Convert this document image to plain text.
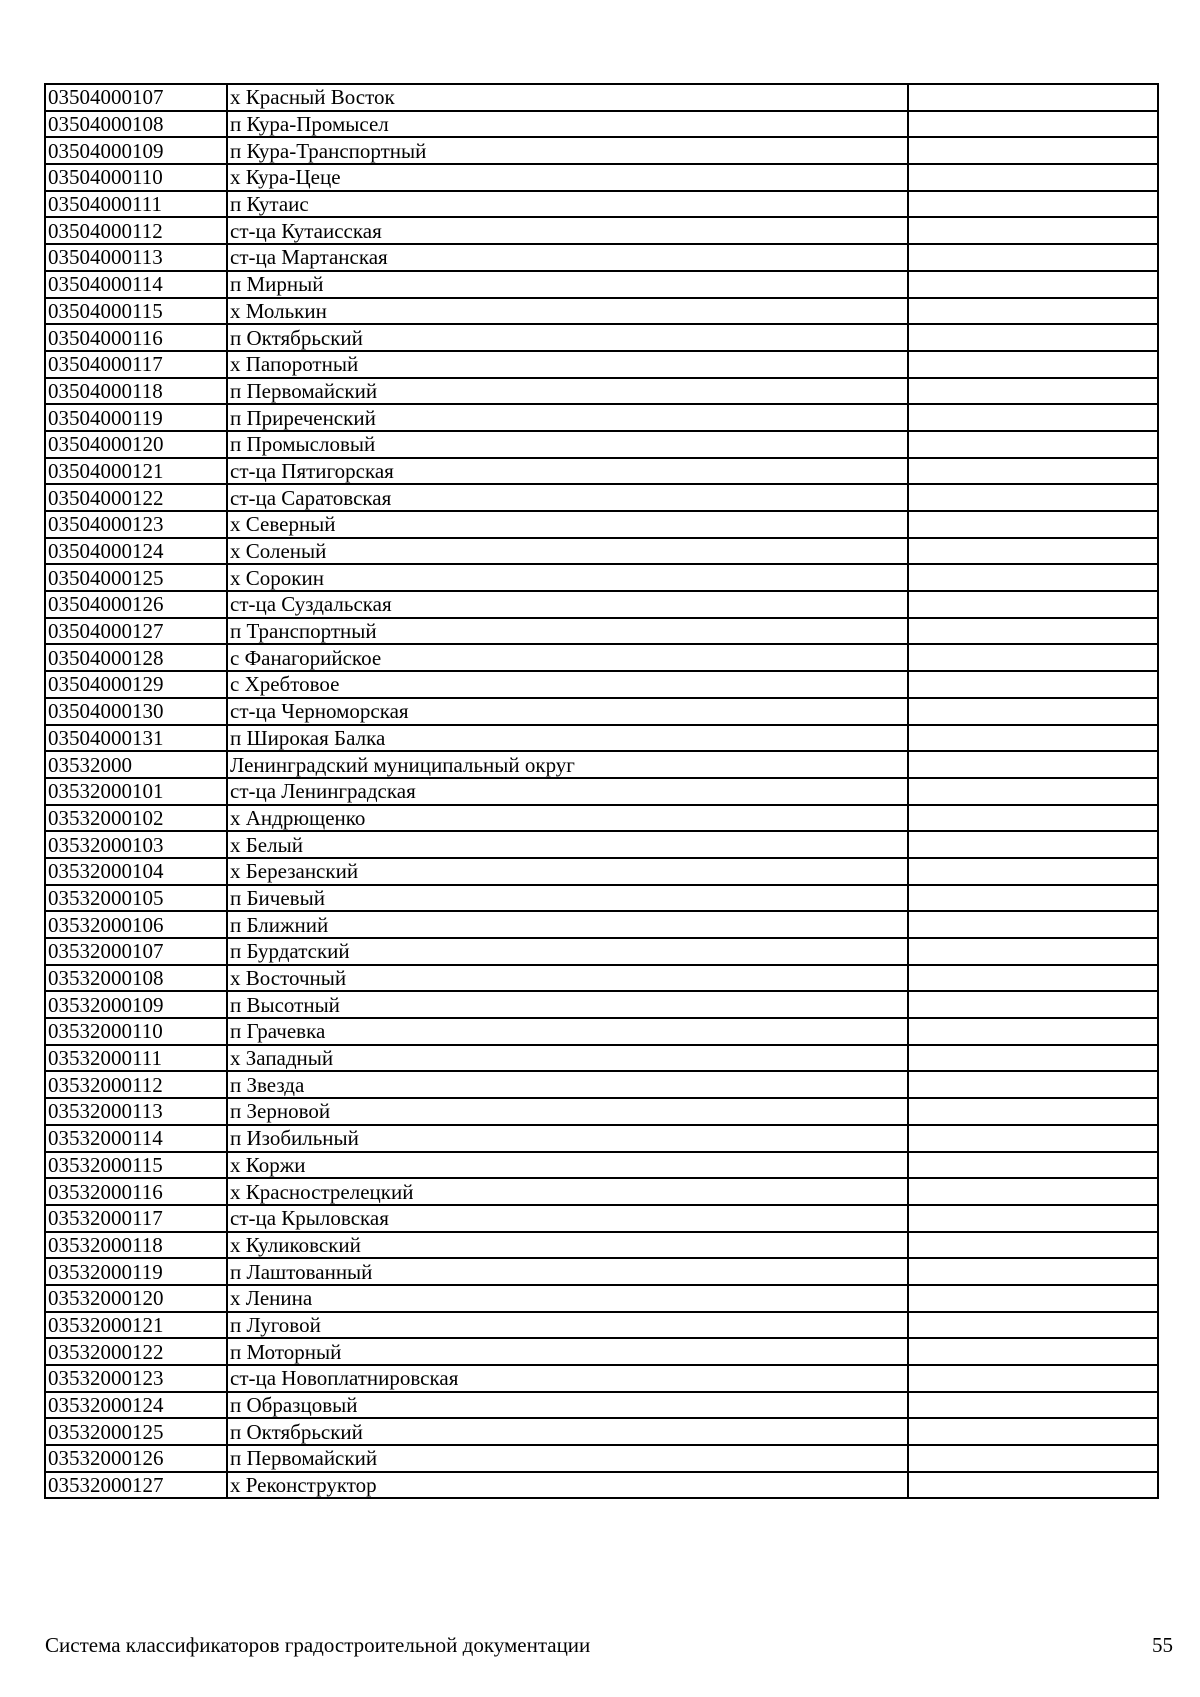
03504000107	х Красный Восток	
03504000108	п Кура-Промысел	
03504000109	п Кура-Транспортный	
03504000110	х Кура-Цеце	
03504000111	п Кутаис	
03504000112	ст-ца Кутаисская	
03504000113	ст-ца Мартанская	
03504000114	п Мирный	
03504000115	х Молькин	
03504000116	п Октябрьский	
03504000117	х Папоротный	
03504000118	п Первомайский	
03504000119	п Приреченский	
03504000120	п Промысловый	
03504000121	ст-ца Пятигорская	
03504000122	ст-ца Саратовская	
03504000123	х Северный	
03504000124	х Соленый	
03504000125	х Сорокин	
03504000126	ст-ца Суздальская	
03504000127	п Транспортный	
03504000128	с Фанагорийское	
03504000129	с Хребтовое	
03504000130	ст-ца Черноморская	
03504000131	п Широкая Балка	
03532000	Ленинградский муниципальный округ	
03532000101	ст-ца Ленинградская	
03532000102	х Андрющенко	
03532000103	х Белый	
03532000104	х Березанский	
03532000105	п Бичевый	
03532000106	п Ближний	
03532000107	п Бурдатский	
03532000108	х Восточный	
03532000109	п Высотный	
03532000110	п Грачевка	
03532000111	х Западный	
03532000112	п Звезда	
03532000113	п Зерновой	
03532000114	п Изобильный	
03532000115	х Коржи	
03532000116	х Краснострелецкий	
03532000117	ст-ца Крыловская	
03532000118	х Куликовский	
03532000119	п Лаштованный	
03532000120	х Ленина	
03532000121	п Луговой	
03532000122	п Моторный	
03532000123	ст-ца Новоплатнировская	
03532000124	п Образцовый	
03532000125	п Октябрьский	
03532000126	п Первомайский	
03532000127	х Реконструктор	
Система классификаторов градостроительной документации	55
